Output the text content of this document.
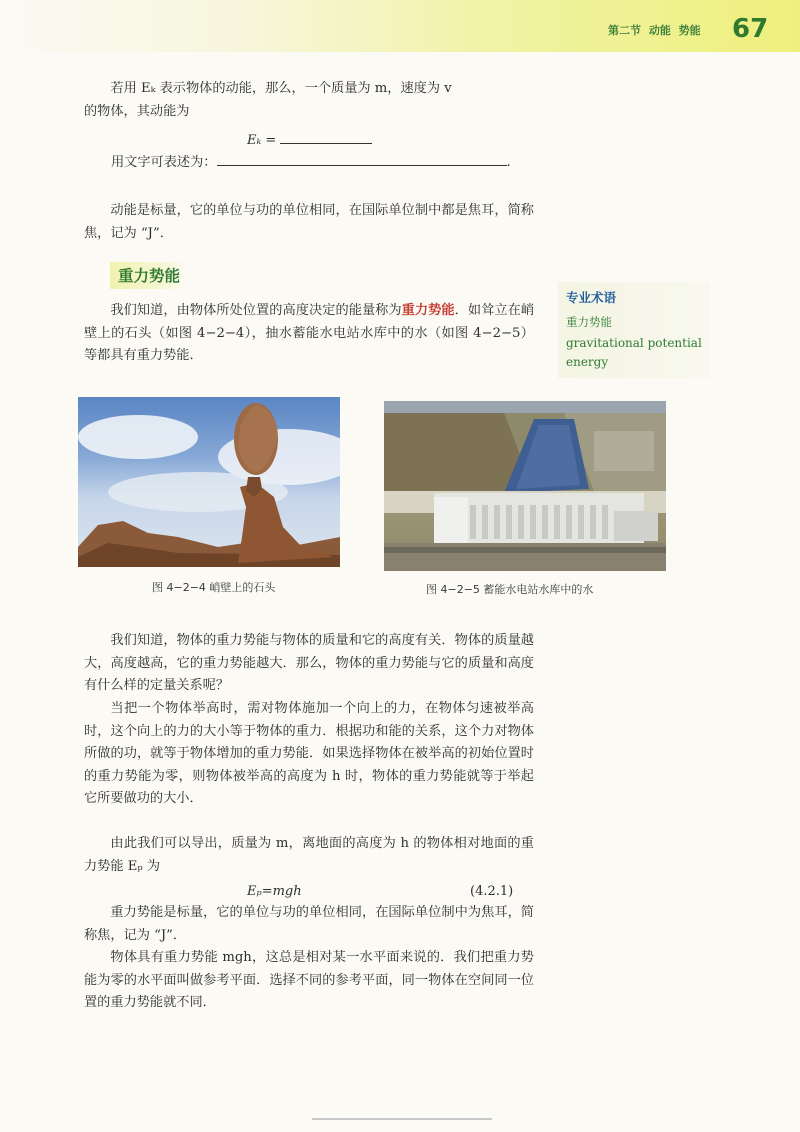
第二节 动能 势能 67

若用 Eₖ 表示物体的动能，那么，一个质量为 m，速度为 v

的物体，其动能为

Eₖ =
用文字可表述为：	.

动能是标量，它的单位与功的单位相同，在国际单位制中都是焦耳，简称焦，记为 “J”．

重力势能

我们知道，由物体所处位置的高度决定的能量称为重力势能．如耸立在峭壁上的石头（如图 4−2−4），抽水蓄能水电站水库中的水（如图 4−2−5）等都具有重力势能．

专业术语
重力势能
gravitational potential energy
图 4−2−4 峭壁上的石头	图 4−2−5 蓄能水电站水库中的水

我们知道，物体的重力势能与物体的质量和它的高度有关．物体的质量越大，高度越高，它的重力势能越大．那么，物体的重力势能与它的质量和高度有什么样的定量关系呢？

当把一个物体举高时，需对物体施加一个向上的力，在物体匀速被举高时，这个向上的力的大小等于物体的重力．根据功和能的关系，这个力对物体所做的功，就等于物体增加的重力势能．如果选择物体在被举高的初始位置时的重力势能为零，则物体被举高的高度为 h 时，物体的重力势能就等于举起它所要做功的大小．

由此我们可以导出，质量为 m，离地面的高度为 h 的物体相对地面的重力势能 Eₚ 为

Eₚ=mgh	(4.2.1)

重力势能是标量，它的单位与功的单位相同，在国际单位制中为焦耳，简称焦，记为 “J”．

物体具有重力势能 mgh，这总是相对某一水平面来说的．我们把重力势能为零的水平面叫做参考平面．选择不同的参考平面，同一物体在空间同一位置的重力势能就不同．
